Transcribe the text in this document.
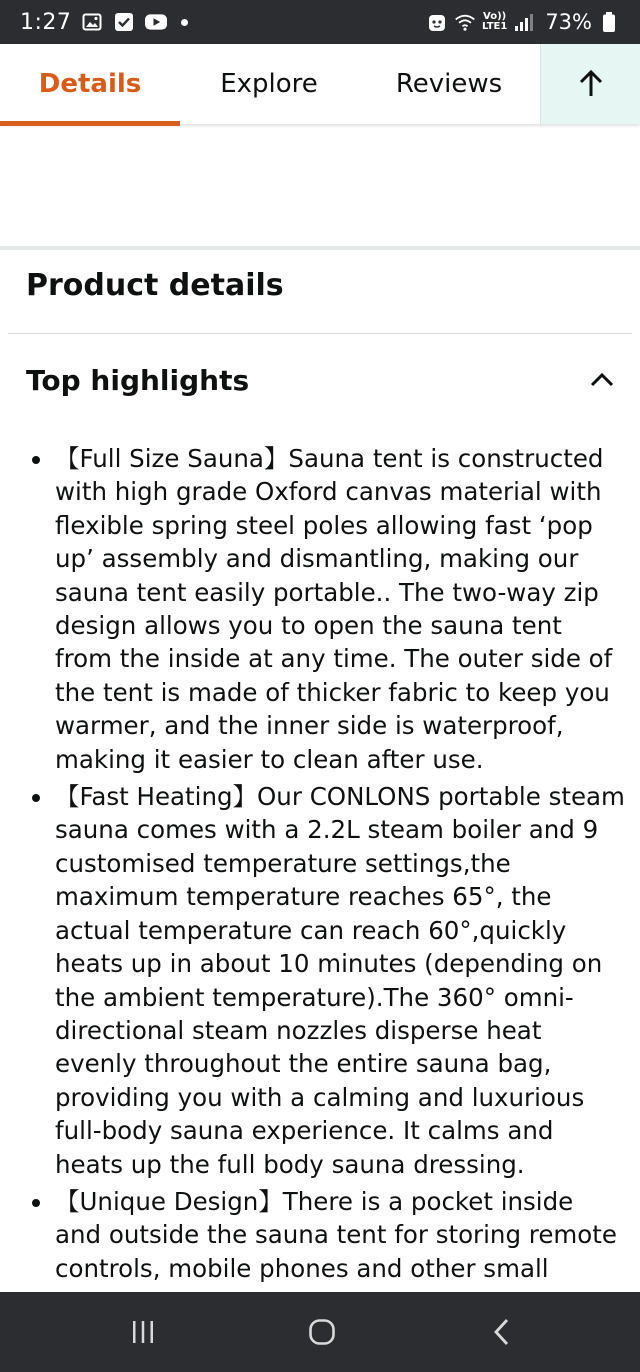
1:27	Vo))
LTE1 73%
Details	Explore	Reviews
Product details
Top highlights
【Full Size Sauna】Sauna tent is constructed with high grade Oxford canvas material with flexible spring steel poles allowing fast ‘pop up’ assembly and dismantling, making our sauna tent easily portable.. The two-way zip design allows you to open the sauna tent from the inside at any time. The outer side of the tent is made of thicker fabric to keep you warmer, and the inner side is waterproof, making it easier to clean after use.
【Fast Heating】Our CONLONS portable steam sauna comes with a 2.2L steam boiler and 9 customised temperature settings,the maximum temperature reaches 65°, the actual temperature can reach 60°,quickly heats up in about 10 minutes (depending on the ambient temperature).The 360° omni-directional steam nozzles disperse heat evenly throughout the entire sauna bag, providing you with a calming and luxurious full-body sauna experience. It calms and heats up the full body sauna dressing.
【Unique Design】There is a pocket inside and outside the sauna tent for storing remote controls, mobile phones and other small
